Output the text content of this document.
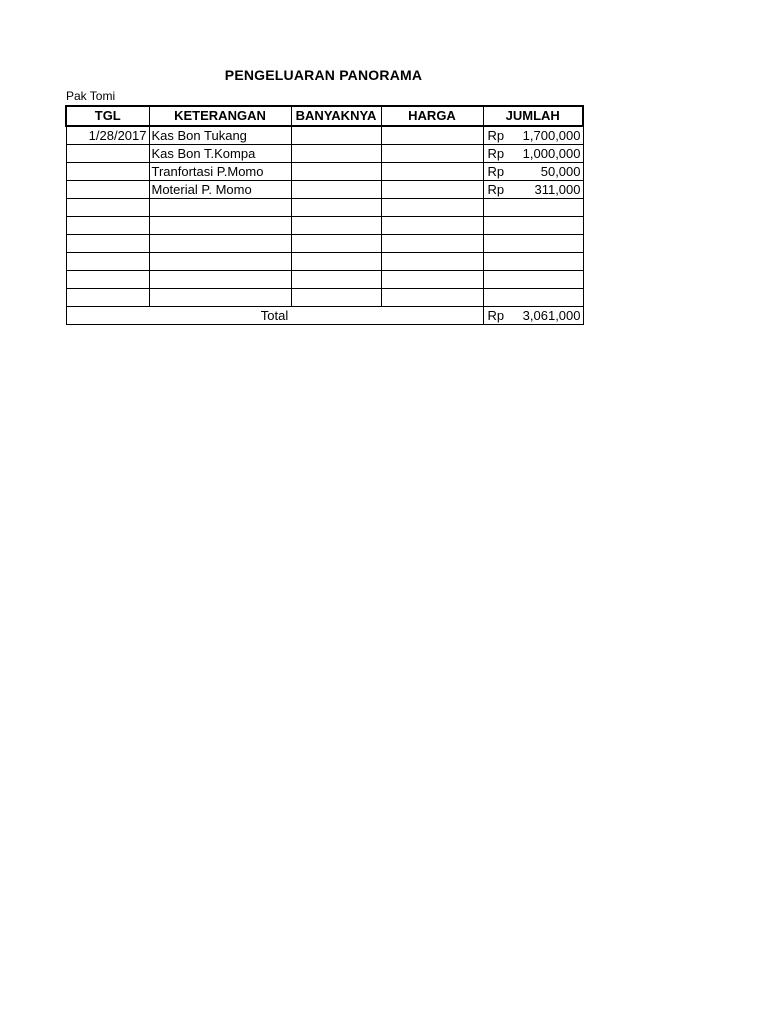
PENGELUARAN PANORAMA
Pak Tomi
TGL	KETERANGAN	BANYAKNYA	HARGA	JUMLAH
1/28/2017	Kas Bon Tukang			Rp 1,700,000

	Kas Bon T.Kompa			Rp 1,000,000

	Tranfortasi P.Momo			Rp 50,000

	Moterial P. Momo			Rp 311,000

Total				Rp 3,061,000
